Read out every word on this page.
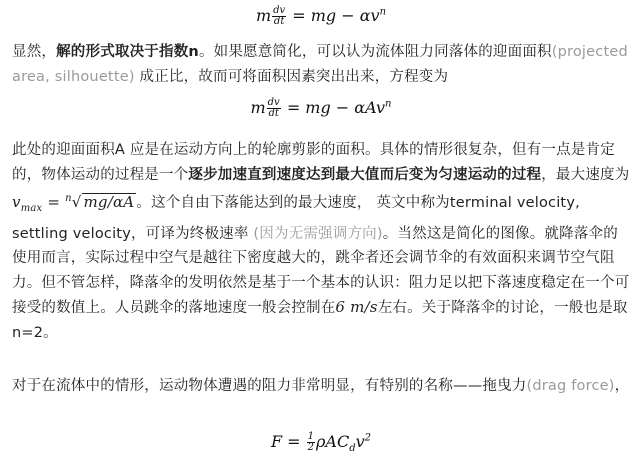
m $\frac{dv}{dt}$ = mg − $\alpha v^n$
显然，解的形式取决于指数n。如果愿意简化，可以认为流体阻力同落体的迎面面积(projected area, silhouette) 成正比，故而可将面积因素突出出来，方程变为
m $\frac{dv}{dt}$ = mg − αAv$^n$
此处的迎面面积A 应是在运动方向上的轮廓剪影的面积。具体的情形很复杂，但有一点是肯定的，物体运动的过程是一个逐步加速直到速度达到最大值而后变为匀速运动的过程，最大速度为$v_{max} = ^n√$ mg/αA 。这个自由下落能达到的最大速度， 英文中称为terminal velocity, settling velocity，可译为终极速率 (因为无需强调方向)。当然这是简化的图像。就降落伞的使用而言，实际过程中空气是越往下密度越大的，跳伞者还会调节伞的有效面积来调节空气阻力。但不管怎样，降落伞的发明依然是基于一个基本的认识：阻力足以把下落速度稳定在一个可接受的数值上。人员跳伞的落地速度一般会控制在6 m/s左右。关于降落伞的讨论，一般也是取 n=2。
对于在流体中的情形，运动物体遭遇的阻力非常明显，有特别的名称——拖曳力(drag force)，
$F = \frac{1}{2} \rho AC_dv^2$
